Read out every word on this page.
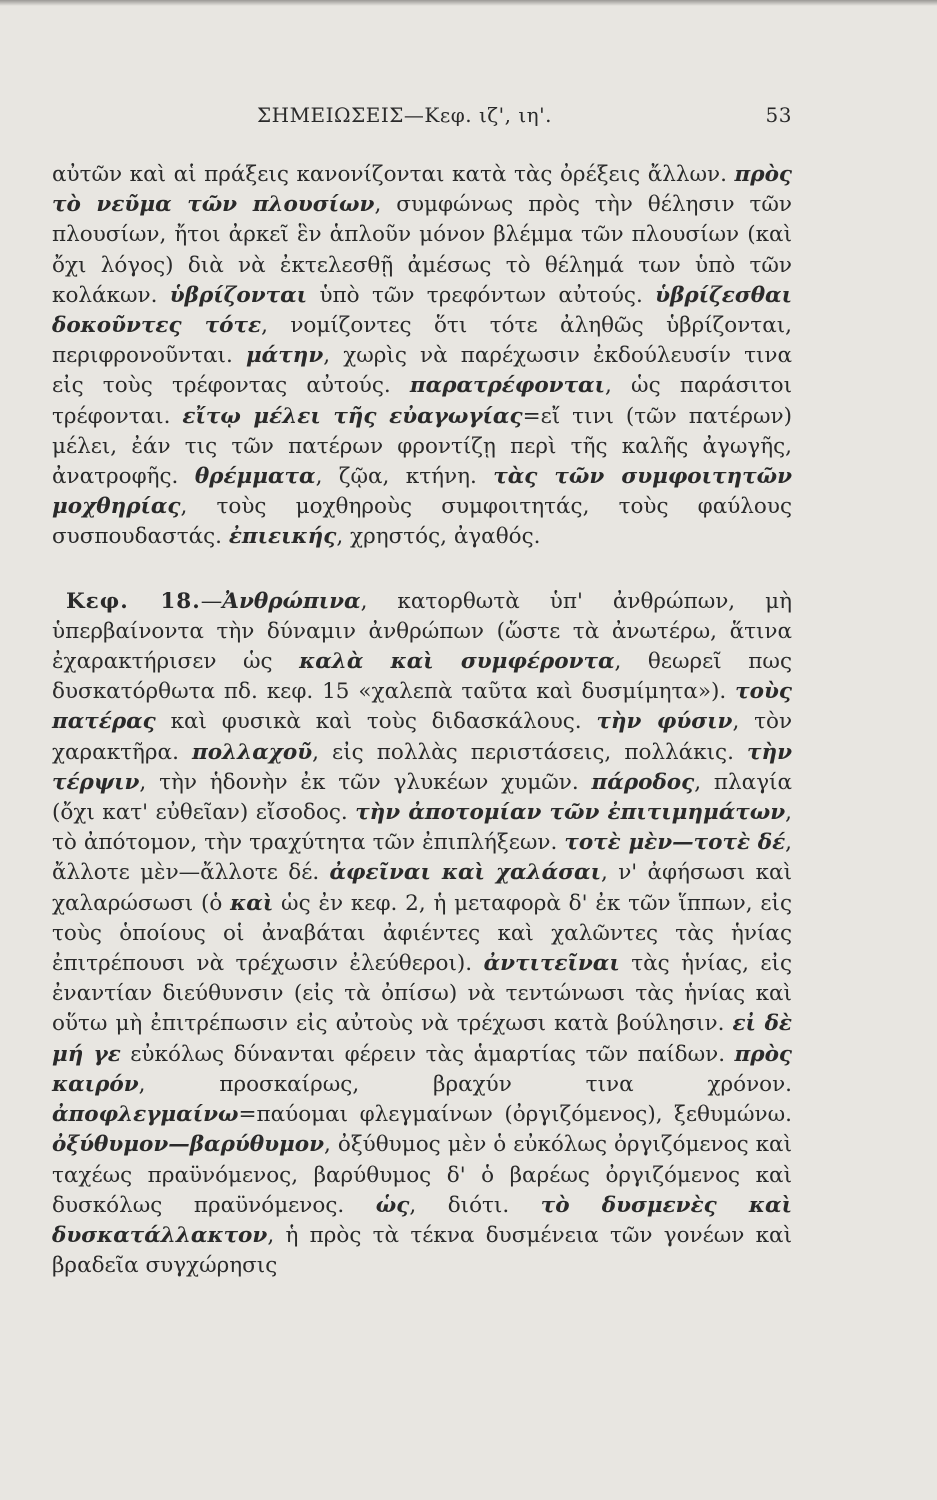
ΣΗΜΕΙΩΣΕΙΣ—Κεφ. ιζ', ιη'.	53

αὐτῶν καὶ αἱ πράξεις κανονίζονται κατὰ τὰς ὀρέξεις ἄλλων. πρὸς τὸ νεῦμα τῶν πλουσίων, συμφώνως πρὸς τὴν θέλησιν τῶν πλουσίων, ἤτοι ἀρκεῖ ἓν ἁπλοῦν μόνον βλέμμα τῶν πλουσίων (καὶ ὄχι λόγος) διὰ νὰ ἐκτελεσθῇ ἀμέσως τὸ θέλημά των ὑπὸ τῶν κολάκων. ὑβρίζονται ὑπὸ τῶν τρεφόντων αὐτούς. ὑβρίζεσθαι δοκοῦντες τότε, νομίζοντες ὅτι τότε ἀληθῶς ὑβρίζονται, περιφρονοῦνται. μάτην, χωρὶς νὰ παρέχωσιν ἐκδούλευσίν τινα εἰς τοὺς τρέφοντας αὐτούς. παρατρέφονται, ὡς παράσιτοι τρέφονται. εἴτῳ μέλει τῆς εὐαγωγίας=εἴ τινι (τῶν πατέρων) μέλει, ἐάν τις τῶν πατέρων φροντίζῃ περὶ τῆς καλῆς ἀγωγῆς, ἀνατροφῆς. θρέμματα, ζῷα, κτήνη. τὰς τῶν συμφοιτητῶν μοχθηρίας, τοὺς μοχθηροὺς συμφοιτητάς, τοὺς φαύλους συσπουδαστάς. ἐπιεικής, χρηστός, ἀγαθός.

Κεφ. 18.—Ἀνθρώπινα, κατορθωτὰ ὑπ' ἀνθρώπων, μὴ ὑπερβαίνοντα τὴν δύναμιν ἀνθρώπων (ὥστε τὰ ἀνωτέρω, ἅτινα ἐχαρακτήρισεν ὡς καλὰ καὶ συμφέροντα, θεωρεῖ πως δυσκατόρθωτα πδ. κεφ. 15 «χαλεπὰ ταῦτα καὶ δυσμίμητα»). τοὺς πατέρας καὶ φυσικὰ καὶ τοὺς διδασκάλους. τὴν φύσιν, τὸν χαρακτῆρα. πολλαχοῦ, εἰς πολλὰς περιστάσεις, πολλάκις. τὴν τέρψιν, τὴν ἡδονὴν ἐκ τῶν γλυκέων χυμῶν. πάροδος, πλαγία (ὄχι κατ' εὐθεῖαν) εἴσοδος. τὴν ἀποτομίαν τῶν ἐπιτιμημάτων, τὸ ἀπότομον, τὴν τραχύτητα τῶν ἐπιπλήξεων. τοτὲ μὲν—τοτὲ δέ, ἄλλοτε μὲν—ἄλλοτε δέ. ἀφεῖναι καὶ χαλάσαι, ν' ἀφήσωσι καὶ χαλαρώσωσι (ὁ καὶ ὡς ἐν κεφ. 2, ἡ μεταφορὰ δ' ἐκ τῶν ἵππων, εἰς τοὺς ὁποίους οἱ ἀναβάται ἀφιέντες καὶ χαλῶντες τὰς ἡνίας ἐπιτρέπουσι νὰ τρέχωσιν ἐλεύθεροι). ἀντιτεῖναι τὰς ἡνίας, εἰς ἐναντίαν διεύθυνσιν (εἰς τὰ ὀπίσω) νὰ τεντώνωσι τὰς ἡνίας καὶ οὕτω μὴ ἐπιτρέπωσιν εἰς αὐτοὺς νὰ τρέχωσι κατὰ βούλησιν. εἰ δὲ μή γε εὐκόλως δύνανται φέρειν τὰς ἁμαρτίας τῶν παίδων. πρὸς καιρόν, προσκαίρως, βραχύν τινα χρόνον. ἀποφλεγμαίνω=παύομαι φλεγμαίνων (ὀργιζόμενος), ξεθυμώνω. ὀξύθυμον—βαρύθυμον, ὀξύθυμος μὲν ὁ εὐκόλως ὀργιζόμενος καὶ ταχέως πραϋνόμενος, βαρύθυμος δ' ὁ βαρέως ὀργιζόμενος καὶ δυσκόλως πραϋνόμενος. ὡς, διότι. τὸ δυσμενὲς καὶ δυσκατάλλακτον, ἡ πρὸς τὰ τέκνα δυσμένεια τῶν γονέων καὶ βραδεῖα συγχώρησις
